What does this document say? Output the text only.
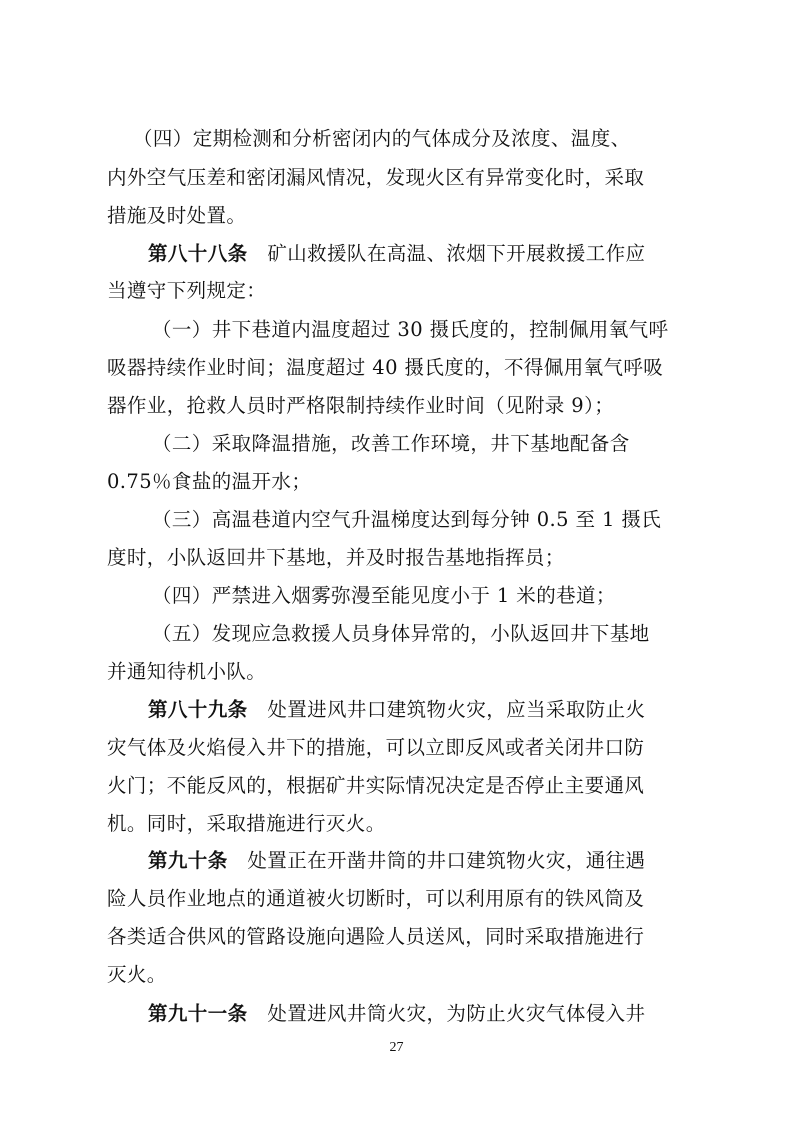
（四）定期检测和分析密闭内的气体成分及浓度、温度、
内外空气压差和密闭漏风情况，发现火区有异常变化时，采取
措施及时处置。
第八十八条 矿山救援队在高温、浓烟下开展救援工作应
当遵守下列规定：
（一）井下巷道内温度超过 30 摄氏度的，控制佩用氧气呼
吸器持续作业时间；温度超过 40 摄氏度的，不得佩用氧气呼吸
器作业，抢救人员时严格限制持续作业时间（见附录 9）；
（二）采取降温措施，改善工作环境，井下基地配备含
0.75％食盐的温开水；
（三）高温巷道内空气升温梯度达到每分钟 0.5 至 1 摄氏
度时，小队返回井下基地，并及时报告基地指挥员；
（四）严禁进入烟雾弥漫至能见度小于 1 米的巷道；
（五）发现应急救援人员身体异常的，小队返回井下基地
并通知待机小队。
第八十九条 处置进风井口建筑物火灾，应当采取防止火
灾气体及火焰侵入井下的措施，可以立即反风或者关闭井口防
火门；不能反风的，根据矿井实际情况决定是否停止主要通风
机。同时，采取措施进行灭火。
第九十条 处置正在开凿井筒的井口建筑物火灾，通往遇
险人员作业地点的通道被火切断时，可以利用原有的铁风筒及
各类适合供风的管路设施向遇险人员送风，同时采取措施进行
灭火。
第九十一条 处置进风井筒火灾，为防止火灾气体侵入井
27
